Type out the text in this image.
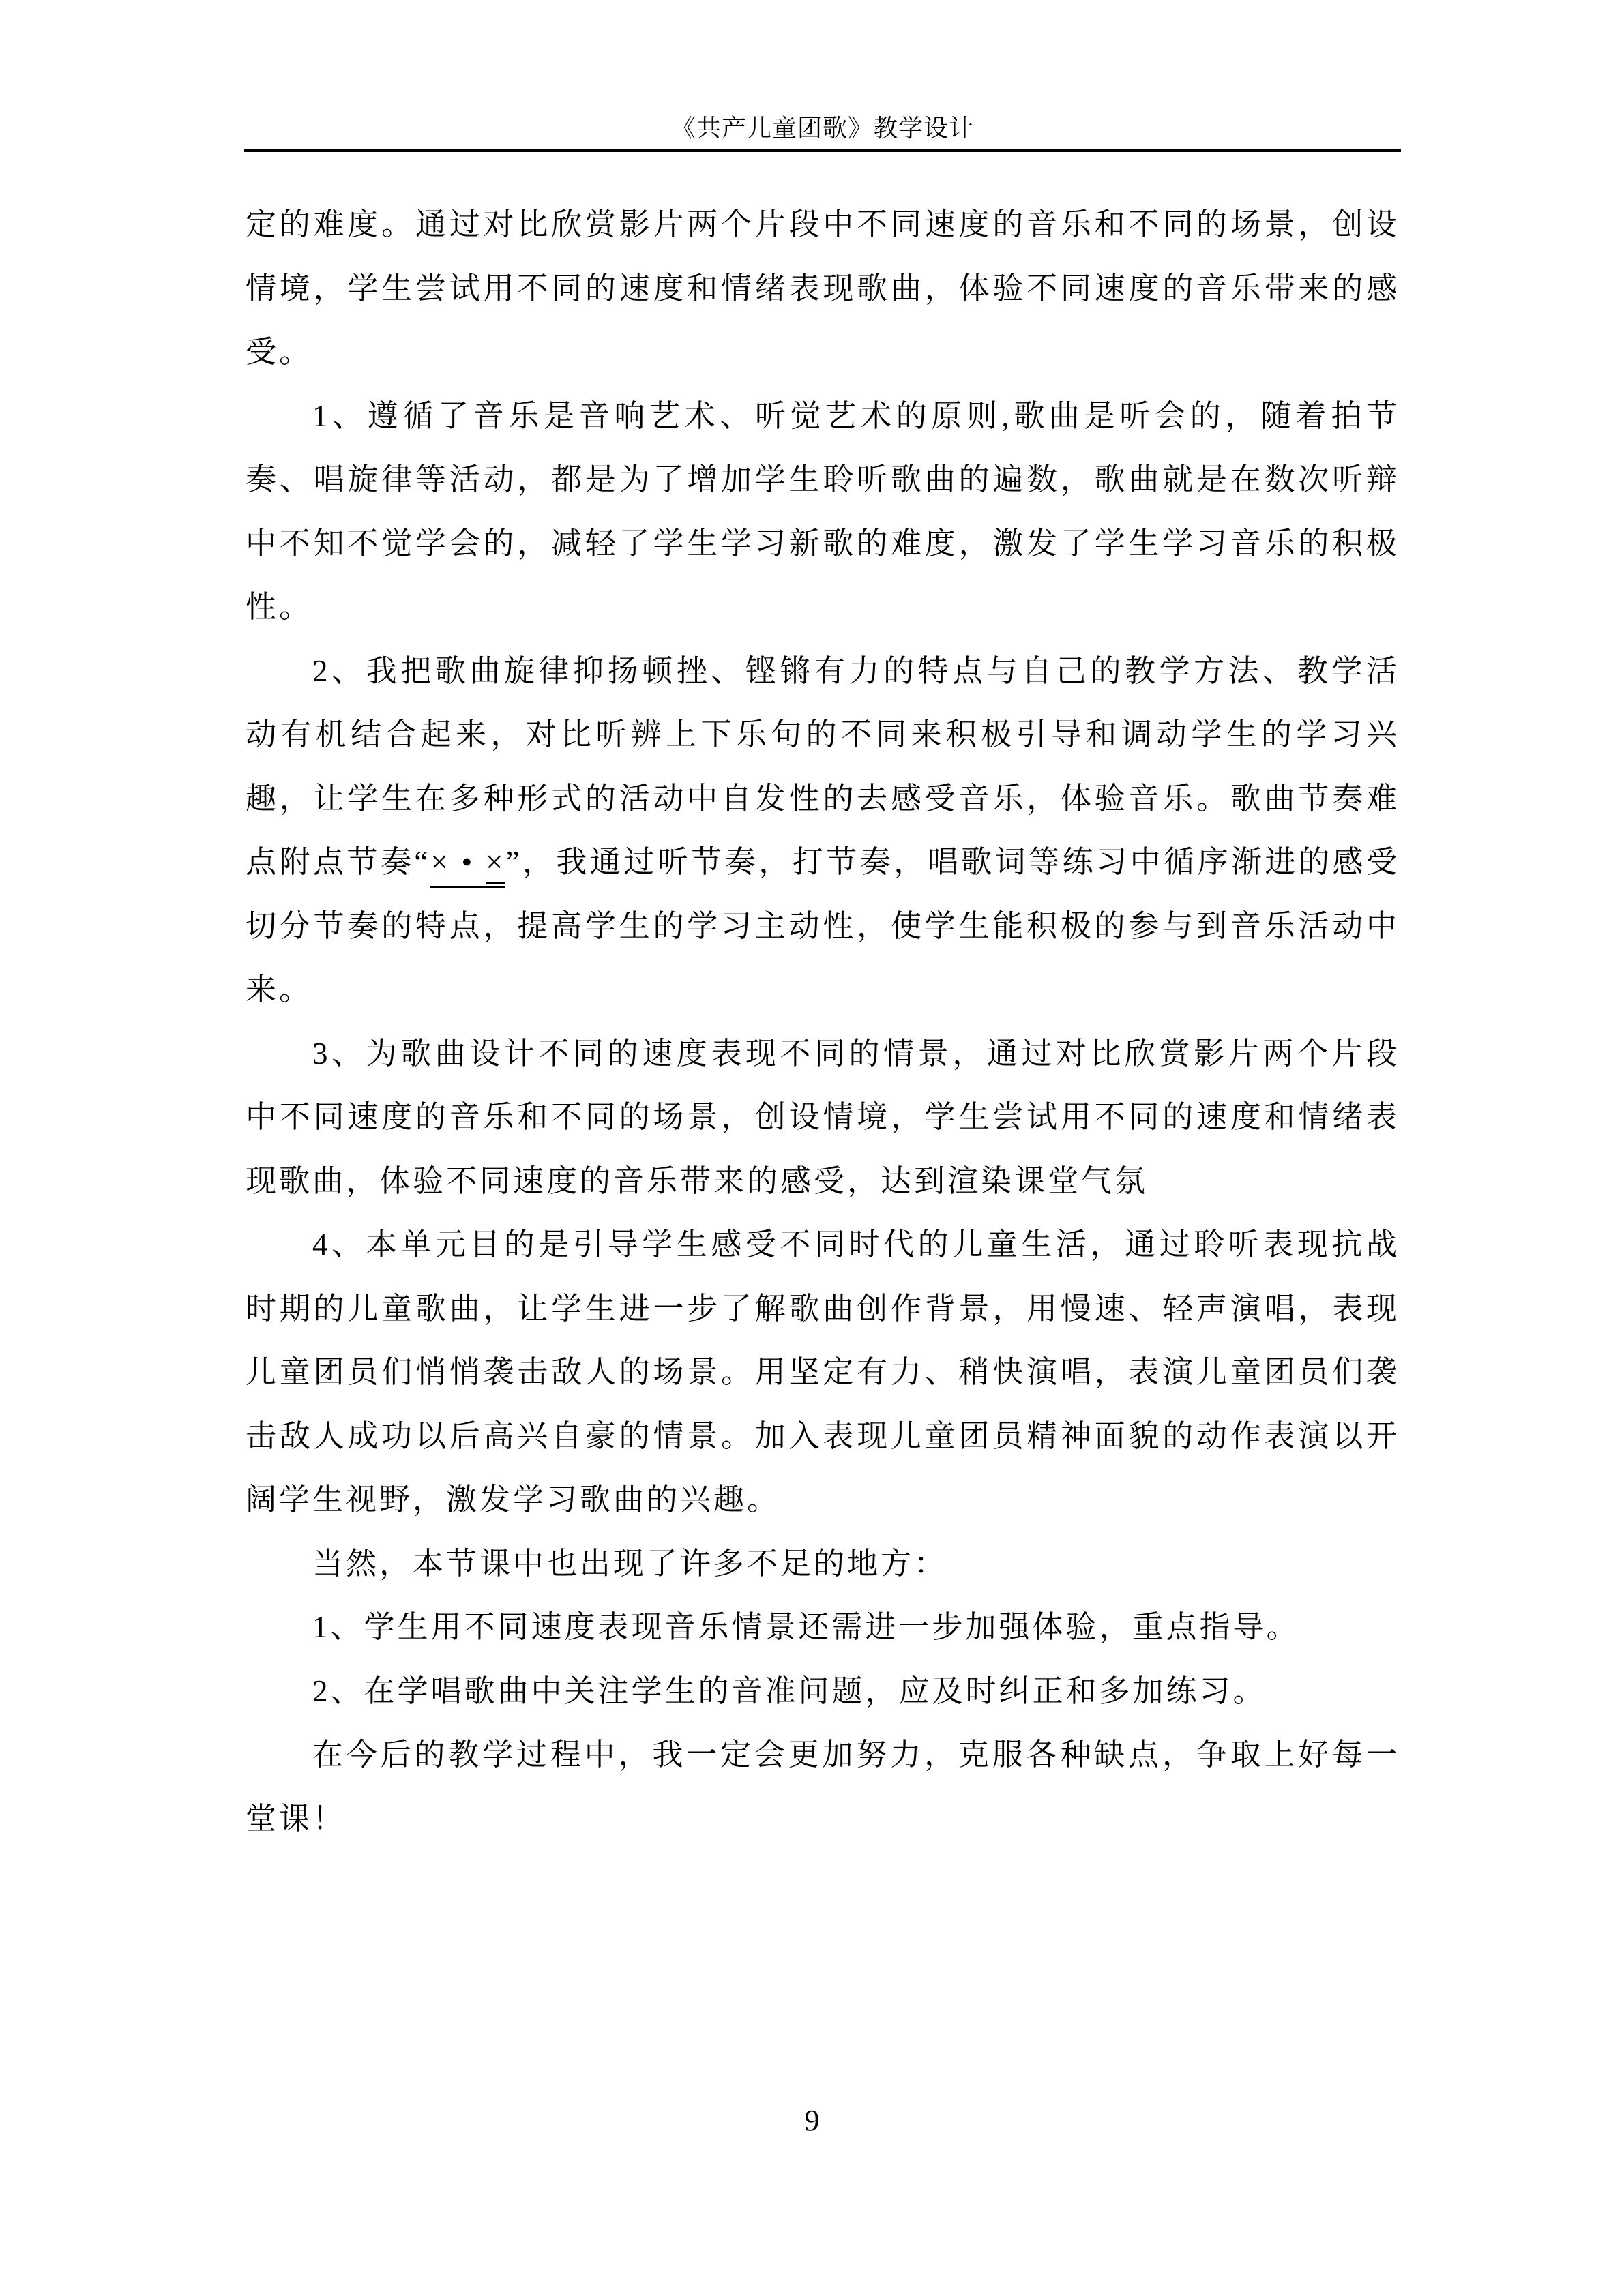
《共产儿童团歌》教学设计

定的难度。通过对比欣赏影片两个片段中不同速度的音乐和不同的场景，创设情境，学生尝试用不同的速度和情绪表现歌曲，体验不同速度的音乐带来的感受。

1、遵循了音乐是音响艺术、听觉艺术的原则,歌曲是听会的，随着拍节奏、唱旋律等活动，都是为了增加学生聆听歌曲的遍数，歌曲就是在数次听辩中不知不觉学会的，减轻了学生学习新歌的难度，激发了学生学习音乐的积极性。

2、我把歌曲旋律抑扬顿挫、铿锵有力的特点与自己的教学方法、教学活动有机结合起来，对比听辨上下乐句的不同来积极引导和调动学生的学习兴趣，让学生在多种形式的活动中自发性的去感受音乐，体验音乐。歌曲节奏难点附点节奏“× • ×”，我通过听节奏，打节奏，唱歌词等练习中循序渐进的感受切分节奏的特点，提高学生的学习主动性，使学生能积极的参与到音乐活动中来。

3、为歌曲设计不同的速度表现不同的情景，通过对比欣赏影片两个片段中不同速度的音乐和不同的场景，创设情境，学生尝试用不同的速度和情绪表现歌曲，体验不同速度的音乐带来的感受，达到渲染课堂气氛

4、本单元目的是引导学生感受不同时代的儿童生活，通过聆听表现抗战时期的儿童歌曲，让学生进一步了解歌曲创作背景，用慢速、轻声演唱，表现儿童团员们悄悄袭击敌人的场景。用坚定有力、稍快演唱，表演儿童团员们袭击敌人成功以后高兴自豪的情景。加入表现儿童团员精神面貌的动作表演以开阔学生视野，激发学习歌曲的兴趣。

当然，本节课中也出现了许多不足的地方：

1、学生用不同速度表现音乐情景还需进一步加强体验，重点指导。

2、在学唱歌曲中关注学生的音准问题，应及时纠正和多加练习。

在今后的教学过程中，我一定会更加努力，克服各种缺点，争取上好每一堂课！

9
